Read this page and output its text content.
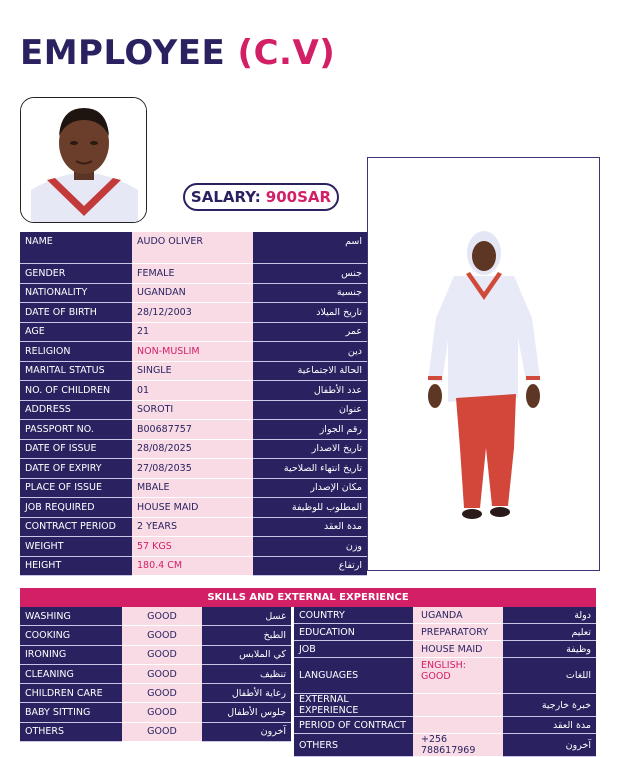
EMPLOYEE (C.V)
SALARY: 900SAR
NAME	AUDO OLIVER	اسم
GENDER	FEMALE	جنس
NATIONALITY	UGANDAN	جنسية
DATE OF BIRTH	28/12/2003	تاريخ الميلاد
AGE	21	عمر
RELIGION	NON-MUSLIM	دين
MARITAL STATUS	SINGLE	الحالة الاجتماعية
NO. OF CHILDREN	01	عدد الأطفال
ADDRESS	SOROTI	عنوان
PASSPORT NO.	B00687757	رقم الجواز
DATE OF ISSUE	28/08/2025	تاريخ الاصدار
DATE OF EXPIRY	27/08/2035	تاريخ انتهاء الصلاحية
PLACE OF ISSUE	MBALE	مكان الإصدار
JOB REQUIRED	HOUSE MAID	المطلوب للوظيفة
CONTRACT PERIOD	2 YEARS	مدة العقد
WEIGHT	57 KGS	وزن
HEIGHT	180.4 CM	ارتفاع
SKILLS AND EXTERNAL EXPERIENCE
WASHING	GOOD	غسل
COOKING	GOOD	الطبخ
IRONING	GOOD	كي الملابس
CLEANING	GOOD	تنظيف
CHILDREN CARE	GOOD	رعاية الأطفال
BABY SITTING	GOOD	جلوس الأطفال
OTHERS	GOOD	آخرون
COUNTRY	UGANDA	دولة
EDUCATION	PREPARATORY	تعليم
JOB	HOUSE MAID	وظيفة
LANGUAGES	ENGLISH: GOOD	اللغات
EXTERNAL EXPERIENCE		خبرة خارجية
PERIOD OF CONTRACT		مدة العقد
OTHERS	+256 788617969	آخرون
